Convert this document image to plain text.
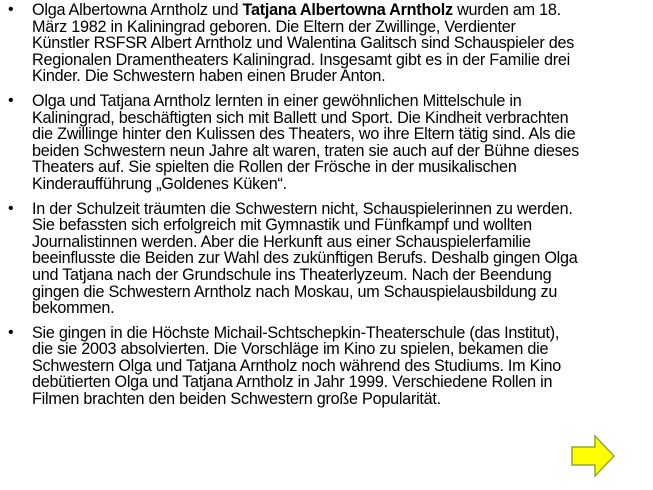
• Olga Albertowna Arntholz und Tatjana Albertowna Arntholz wurden am 18.
März 1982 in Kaliningrad geboren. Die Eltern der Zwillinge, Verdienter
Künstler RSFSR Albert Arntholz und Walentina Galitsch sind Schauspieler des
Regionalen Dramentheaters Kaliningrad. Insgesamt gibt es in der Familie drei
Kinder. Die Schwestern haben einen Bruder Anton.
• Olga und Tatjana Arntholz lernten in einer gewöhnlichen Mittelschule in
Kaliningrad, beschäftigten sich mit Ballett und Sport. Die Kindheit verbrachten
die Zwillinge hinter den Kulissen des Theaters, wo ihre Eltern tätig sind. Als die
beiden Schwestern neun Jahre alt waren, traten sie auch auf der Bühne dieses
Theaters auf. Sie spielten die Rollen der Frösche in der musikalischen
Kinderaufführung „Goldenes Küken“.
• In der Schulzeit träumten die Schwestern nicht, Schauspielerinnen zu werden.
Sie befassten sich erfolgreich mit Gymnastik und Fünfkampf und wollten
Journalistinnen werden. Aber die Herkunft aus einer Schauspielerfamilie
beeinflusste die Beiden zur Wahl des zukünftigen Berufs. Deshalb gingen Olga
und Tatjana nach der Grundschule ins Theaterlyzeum. Nach der Beendung
gingen die Schwestern Arntholz nach Moskau, um Schauspielausbildung zu
bekommen.
• Sie gingen in die Höchste Michail-Schtschepkin-Theaterschule (das Institut),
die sie 2003 absolvierten. Die Vorschläge im Kino zu spielen, bekamen die
Schwestern Olga und Tatjana Arntholz noch während des Studiums. Im Kino
debütierten Olga und Tatjana Arntholz in Jahr 1999. Verschiedene Rollen in
Filmen brachten den beiden Schwestern große Popularität.
